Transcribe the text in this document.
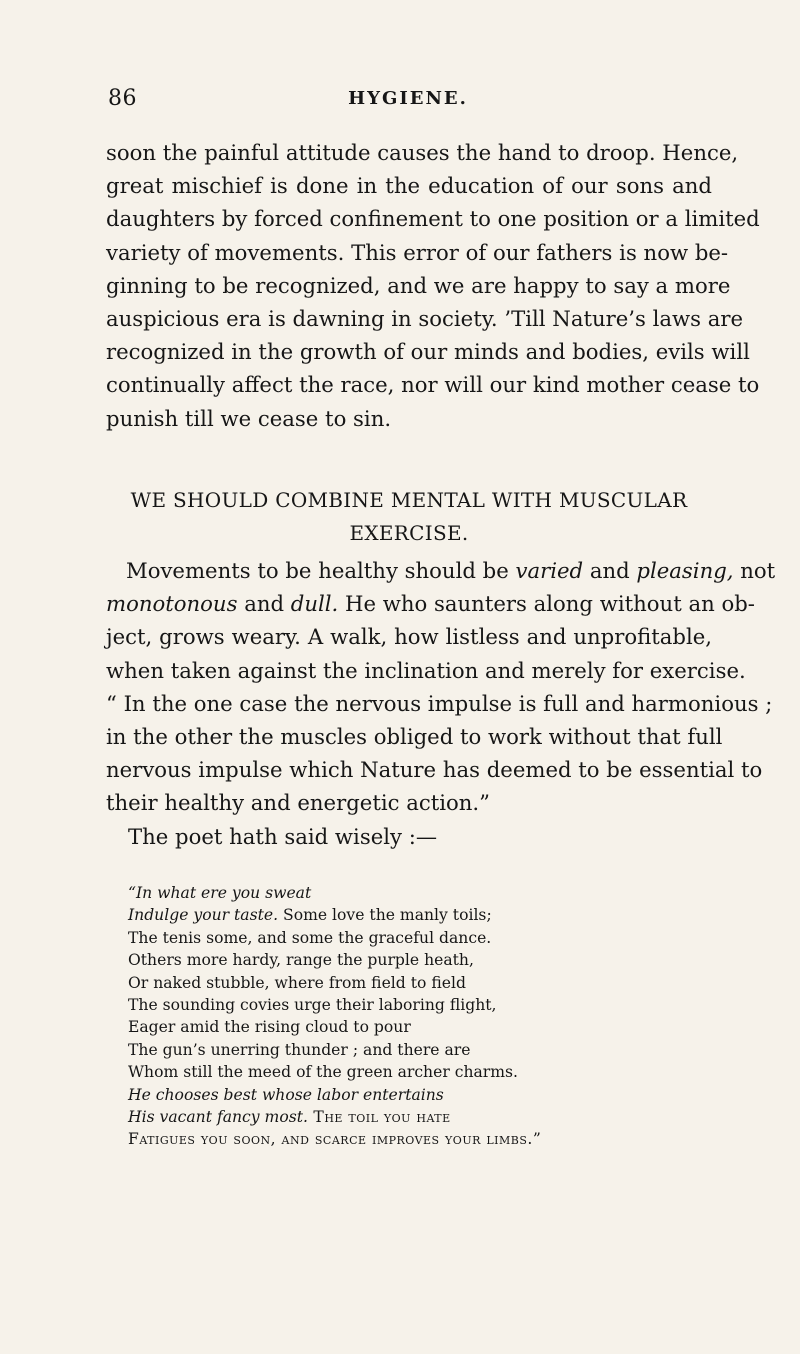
86	HYGIENE.

soon the painful attitude causes the hand to droop. Hence,
great mischief is done in the education of our sons and
daughters by forced confinement to one position or a limited
variety of movements. This error of our fathers is now be-
ginning to be recognized, and we are happy to say a more
auspicious era is dawning in society. ’Till Nature’s laws are
recognized in the growth of our minds and bodies, evils will
continually affect the race, nor will our kind mother cease to
punish till we cease to sin.

WE SHOULD COMBINE MENTAL WITH MUSCULAR
EXERCISE.
Movements to be healthy should be varied and pleasing, not
monotonous and dull. He who saunters along without an ob-
ject, grows weary. A walk, how listless and unprofitable,
when taken against the inclination and merely for exercise.
“ In the one case the nervous impulse is full and harmonious ;
in the other the muscles obliged to work without that full
nervous impulse which Nature has deemed to be essential to
their healthy and energetic action.”
The poet hath said wisely :—
“In what ere you sweat
Indulge your taste. Some love the manly toils;
The tenis some, and some the graceful dance.
Others more hardy, range the purple heath,
Or naked stubble, where from field to field
The sounding covies urge their laboring flight,
Eager amid the rising cloud to pour
The gun’s unerring thunder ; and there are
Whom still the meed of the green archer charms.
He chooses best whose labor entertains
His vacant fancy most. The toil you hate
Fatigues you soon, and scarce improves your limbs.”
